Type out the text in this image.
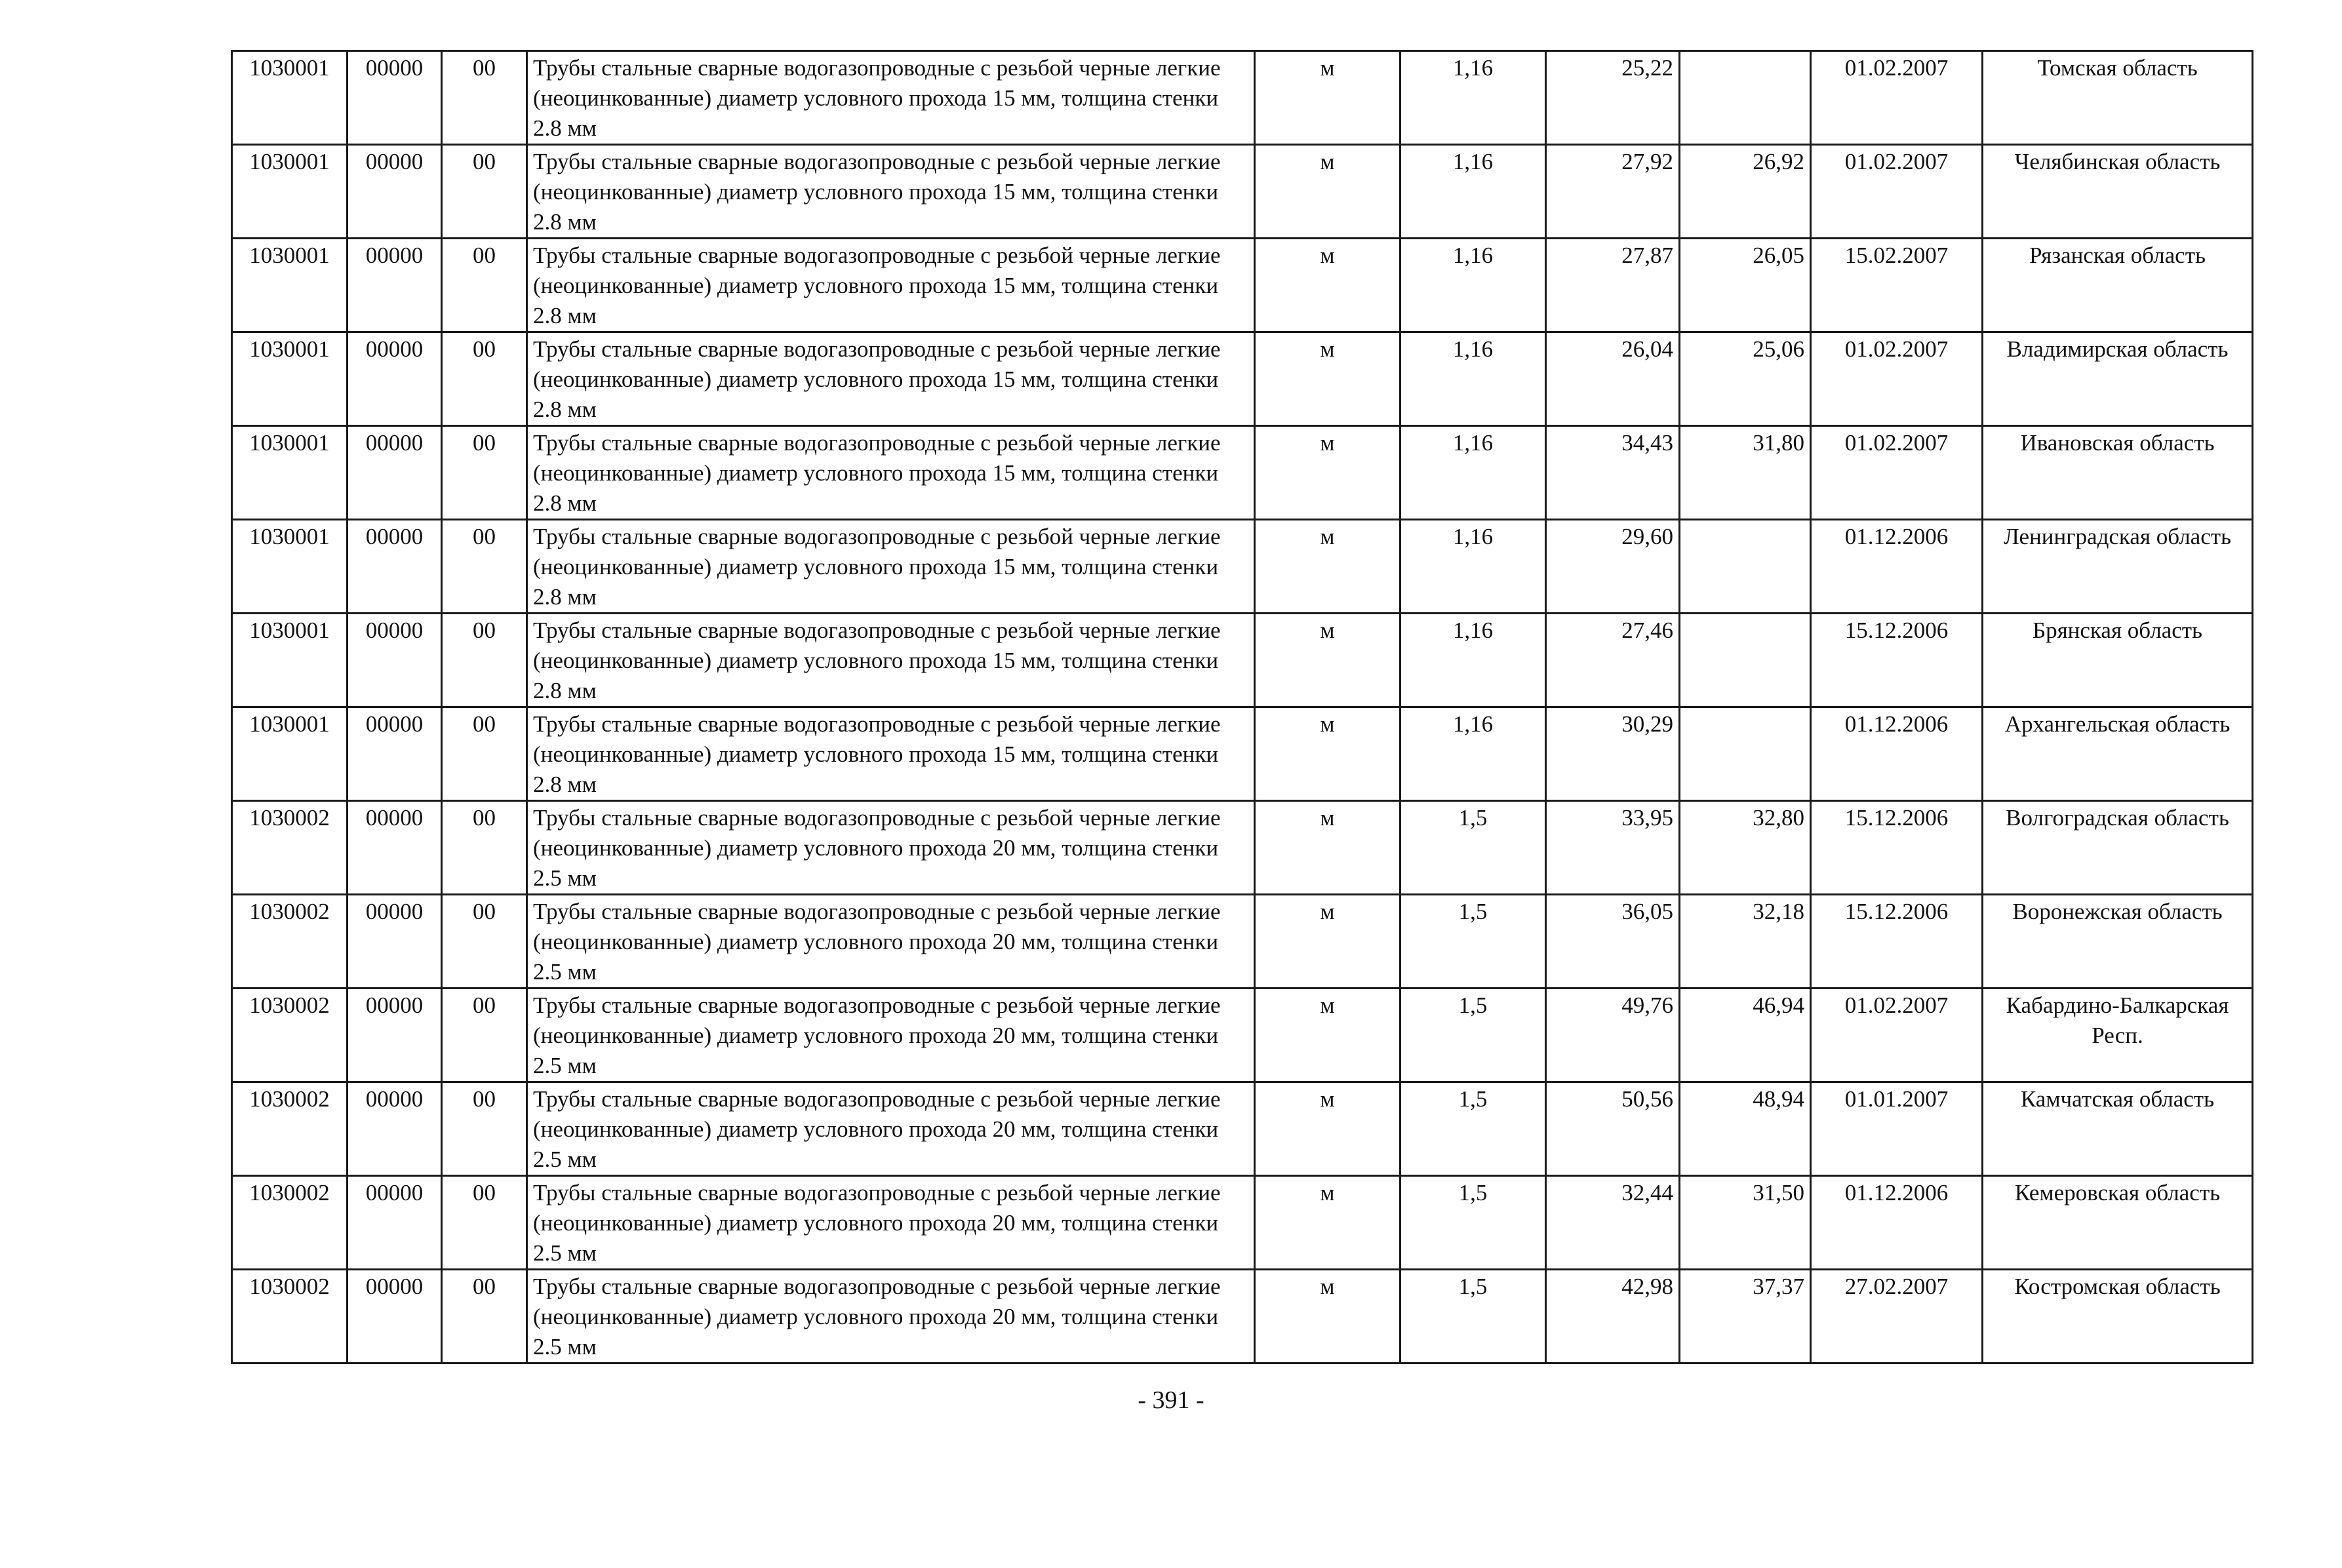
1030001	00000	00	Трубы стальные сварные водогазопроводные с резьбой черные легкие (неоцинкованные) диаметр условного прохода 15 мм, толщина стенки 2.8 мм	м	1,16	25,22		01.02.2007	Томская область
1030001	00000	00	Трубы стальные сварные водогазопроводные с резьбой черные легкие (неоцинкованные) диаметр условного прохода 15 мм, толщина стенки 2.8 мм	м	1,16	27,92	26,92	01.02.2007	Челябинская область
1030001	00000	00	Трубы стальные сварные водогазопроводные с резьбой черные легкие (неоцинкованные) диаметр условного прохода 15 мм, толщина стенки 2.8 мм	м	1,16	27,87	26,05	15.02.2007	Рязанская область
1030001	00000	00	Трубы стальные сварные водогазопроводные с резьбой черные легкие (неоцинкованные) диаметр условного прохода 15 мм, толщина стенки 2.8 мм	м	1,16	26,04	25,06	01.02.2007	Владимирская область
1030001	00000	00	Трубы стальные сварные водогазопроводные с резьбой черные легкие (неоцинкованные) диаметр условного прохода 15 мм, толщина стенки 2.8 мм	м	1,16	34,43	31,80	01.02.2007	Ивановская область
1030001	00000	00	Трубы стальные сварные водогазопроводные с резьбой черные легкие (неоцинкованные) диаметр условного прохода 15 мм, толщина стенки 2.8 мм	м	1,16	29,60		01.12.2006	Ленинградская область
1030001	00000	00	Трубы стальные сварные водогазопроводные с резьбой черные легкие (неоцинкованные) диаметр условного прохода 15 мм, толщина стенки 2.8 мм	м	1,16	27,46		15.12.2006	Брянская область
1030001	00000	00	Трубы стальные сварные водогазопроводные с резьбой черные легкие (неоцинкованные) диаметр условного прохода 15 мм, толщина стенки 2.8 мм	м	1,16	30,29		01.12.2006	Архангельская область
1030002	00000	00	Трубы стальные сварные водогазопроводные с резьбой черные легкие (неоцинкованные) диаметр условного прохода 20 мм, толщина стенки 2.5 мм	м	1,5	33,95	32,80	15.12.2006	Волгоградская область
1030002	00000	00	Трубы стальные сварные водогазопроводные с резьбой черные легкие (неоцинкованные) диаметр условного прохода 20 мм, толщина стенки 2.5 мм	м	1,5	36,05	32,18	15.12.2006	Воронежская область
1030002	00000	00	Трубы стальные сварные водогазопроводные с резьбой черные легкие (неоцинкованные) диаметр условного прохода 20 мм, толщина стенки 2.5 мм	м	1,5	49,76	46,94	01.02.2007	Кабардино-Балкарская Респ.
1030002	00000	00	Трубы стальные сварные водогазопроводные с резьбой черные легкие (неоцинкованные) диаметр условного прохода 20 мм, толщина стенки 2.5 мм	м	1,5	50,56	48,94	01.01.2007	Камчатская область
1030002	00000	00	Трубы стальные сварные водогазопроводные с резьбой черные легкие (неоцинкованные) диаметр условного прохода 20 мм, толщина стенки 2.5 мм	м	1,5	32,44	31,50	01.12.2006	Кемеровская область
1030002	00000	00	Трубы стальные сварные водогазопроводные с резьбой черные легкие (неоцинкованные) диаметр условного прохода 20 мм, толщина стенки 2.5 мм	м	1,5	42,98	37,37	27.02.2007	Костромская область
- 391 -
